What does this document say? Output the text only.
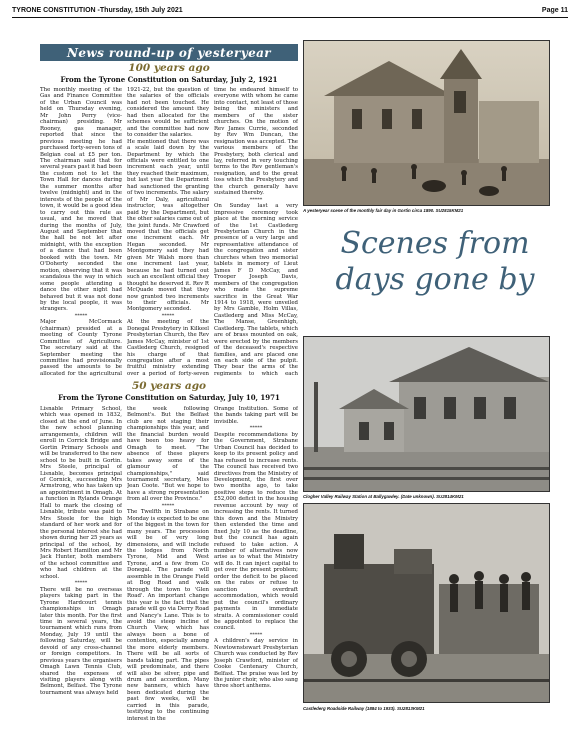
TYRONE CONSTITUTION -Thursday, 15th July 2021	Page 11
News round-up of yesteryear
100 years ago
From the Tyrone Constitution on Saturday, July 2, 1921

The monthly meeting of the Gas and Finance Committee of the Urban Council was held on Thursday evening, Mr John Perry (vice-chairman) presiding. Mr Rooney, gas manager, reported that since the previous meeting he had purchased forty-seven tons of Belgian coal at £5 per ton. The chairman said that for several years past it had been the custom not to let the Town Hall for dances during the summer months after twelve (midnight) and in the interests of the people of the town, it would be a good idea to carry out this rule as usual, and he moved that during the months of July, August and September that the hall be not let after midnight, with the exception of a dance that had been booked with the town. Mr O'Doherty seconded the motion, observing that it was scandalous the way in which some people attending a dance the other night had behaved but it was not done by the local people, it was strangers.

*****

Major McCormack (chairman) presided at a meeting of County Tyrone Committee of Agriculture. The secretary said at the September meeting the committee had provisionally passed the amounts to be allocated for the agricultural

1921-22, but the question of the salaries of the officials had not been touched. He considered the amount they had then allocated for the schemes would be sufficient and the committee had now to consider the salaries.

He mentioned that there was a scale laid down by the Department by which the officials were entitled to one increment each year, until they reached their maximum, but last year the Department had sanctioned the granting of two increments. The salary of Mr Daly, agricultural instructor, was altogether paid by the Department, but the other salaries came out of the joint funds. Mr Crawford moved that the officials get one increment each. Mr Hegan seconded. Mr Montgomery said they had given Mr Walsh more than one increment last year, because he had turned out such an excellent official they thought he deserved it. Rev R McQuade moved that they now granted two increments to their officials. Mr Montgomery seconded.

*****

At the meeting of the Donegal Presbytery in Kilkeel Presbyterian Church, the Rev James McCay, minister of 1st Castlederg Church, resigned his charge of that congregation after a most fruitful ministry extending over a period of forty-seven

time he endeared himself to everyone with whom he came into contact, not least of those being the ministers and members of the sister churches. On the motion of Rev James Currie, seconded by Rev Wm Duncan, the resignation was accepted. The various members of the Presbytery, both clerical and lay, referred in very touching terms to the Rev gentleman's resignation, and to the great loss which the Presbytery and the church generally have sustained thereby.

*****

On Sunday last a very impressive ceremony took place at the morning service of the 1st Castlederg Presbyterian Church in the presence of a very large and representative attendance of the congregation and sister churches when two memorial tablets in memory of Lieut James F D McCay, and Trooper Joseph Davis, members of the congregation who made the supreme sacrifice in the Great War 1914 to 1918, were unveiled by Mrs Gamble, Holm Villas, Castlederg and Miss McCay, The Manse, Greenhigh, Castlederg. The tablets, which are of brass mounted on oak, were erected by the members of the deceased's respective families, and are placed one on each side of the pulpit. They bear the arms of the regiments to which each

A yesteryear scene of the monthly fair day in Gortin circa 1890. SU2815KM21
Scenes from
days gone by
50 years ago
From the Tyrone Constitution on Saturday, July 10, 1971

Lisnable Primary School, which was opened in 1832, closed at the end of June. In the new school planning arrangements, children will enroll in Corrick Bridge and Gortin Primary Schools and will be transferred to the new school to be built in Gortin. Mrs Steele, principal of Lisnable, becomes principal of Cornick, succeeding Mrs Armstrong, who has taken up an appointment in Omagh. At a function in Rylands Orange Hall to mark the closing of Lisnable, tribute was paid to Mrs Steele for the high standard of her work and for the personal interest she had shown during her 25 years as principal of the school, by Mrs Robert Hamilton and Mr Jack Hunter, both members of the school committee and who had children at the school.

*****

There will be no overseas players taking part in the Tyrone Hardcourt tennis championships in Omagh later this month. For the first time in several years, the tournament which runs from Monday, July 19 until the following Saturday, will be devoid of any cross-channel or foreign competitors. In previous years the organisers Omagh Lawn Tennis Club, shared the expenses of visiting players along with Belmont, Belfast. The Tyrone tournament was always held

the week following Belmont's. But the Belfast club are not staging their championships this year, and the financial burden would have been too heavy for Omagh to meet. "The absence of these players takes away some of the glamour of the championships," said tournament secretary, Miss Jean Coote. "But we hope to have a strong representation from all over the Province."

*****

The Twelfth in Strabane on Monday is expected to be one of the biggest in the town for many years. The procession will be of very long dimensions, and will include the lodges from North Tyrone, Mid and West Tyrone, and a few from Co Donegal. The parade will assemble in the Orange Field at Bog Road and walk through the town to 'Glen Road'. An important change this year is the fact that the parade will go via Derry Road and Nancy's Lane. This is to avoid the steep incline of Church View, which has always been a bone of contention, especially among the more elderly members. There will be all sorts of bands taking part. The pipes will predominate, and there will also be silver, pipe and drum and accordion. Many new banners, which have been dedicated during the past few weeks, will be carried in this parade, testifying to the continuing interest in the

Orange Institution. Some of the bands taking part will be invisible.

*****

Despite recommendations by the Government, Strabane Urban Council has decided to keep to its present policy and has refused to increase rents. The council has received two directives from the Ministry of Development, the first over two months ago, to take positive steps to reduce the £52,000 deficit in the housing revenue account by way of increasing the rents. It turned this down and the Ministry then extended the time and fixed July 10 as the deadline, but the council has again refused to take action. A number of alternatives now arise as to what the Ministry will do. It can inject capital to get over the present problem; order the deficit to be placed on the rates or refuse to sanction overdraft accommodation, which would put the council's ordinary payments in immediate straits. A commissioner could be appointed to replace the council.

*****

A children's day service in Newtownstewart Presbyterian Church was conducted by Rev Joseph Crawford, minister of Cooke Centenary Church, Belfast. The praise was led by the junior choir, who also sang three short anthems.

Clogher Valley Railway Station at Ballygawley. (Date unknown). SU2814KM21
Castlederg Roadside Railway (1884 to 1933). SU2813KM21
